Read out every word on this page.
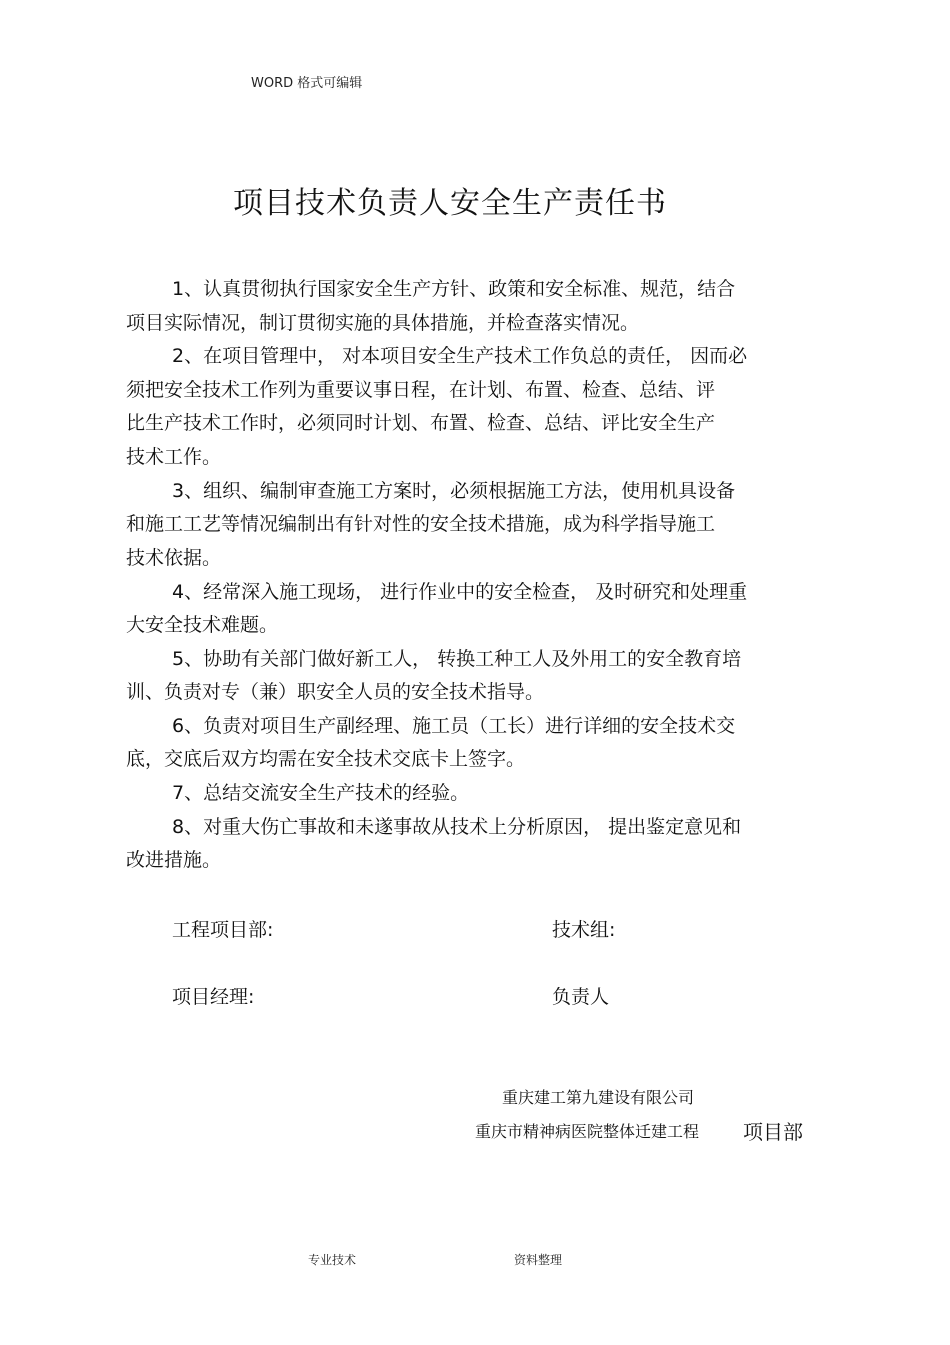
WORD 格式可编辑
项目技术负责人安全生产责任书
1、认真贯彻执行国家安全生产方针、政策和安全标准、规范，结合
项目实际情况，制订贯彻实施的具体措施，并检查落实情况。
2、在项目管理中， 对本项目安全生产技术工作负总的责任， 因而必
须把安全技术工作列为重要议事日程，在计划、布置、检查、总结、评
比生产技术工作时，必须同时计划、布置、检查、总结、评比安全生产
技术工作。
3、组织、编制审查施工方案时，必须根据施工方法，使用机具设备
和施工工艺等情况编制出有针对性的安全技术措施，成为科学指导施工
技术依据。
4、经常深入施工现场， 进行作业中的安全检查， 及时研究和处理重
大安全技术难题。
5、协助有关部门做好新工人， 转换工种工人及外用工的安全教育培
训、负责对专（兼）职安全人员的安全技术指导。
6、负责对项目生产副经理、施工员（工长）进行详细的安全技术交
底，交底后双方均需在安全技术交底卡上签字。
7、总结交流安全生产技术的经验。
8、对重大伤亡事故和未遂事故从技术上分析原因， 提出鉴定意见和
改进措施。
工程项目部:	技术组:
项目经理:	负责人
重庆建工第九建设有限公司
重庆市精神病医院整体迁建工程 项目部
专业技术	资料整理
